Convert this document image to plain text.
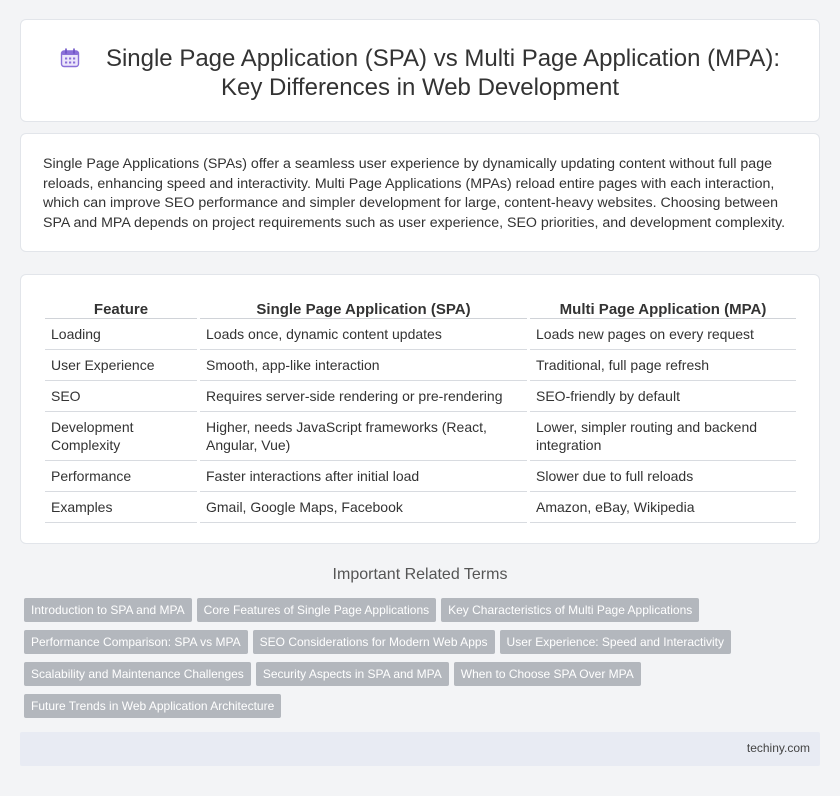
Single Page Application (SPA) vs Multi Page Application (MPA):
Key Differences in Web Development

Single Page Applications (SPAs) offer a seamless user experience by dynamically updating content without full page reloads, enhancing speed and interactivity. Multi Page Applications (MPAs) reload entire pages with each interaction, which can improve SEO performance and simpler development for large, content-heavy websites. Choosing between SPA and MPA depends on project requirements such as user experience, SEO priorities, and development complexity.

Feature	Single Page Application (SPA)	Multi Page Application (MPA)
Loading	Loads once, dynamic content updates	Loads new pages on every request
User Experience	Smooth, app-like interaction	Traditional, full page refresh
SEO	Requires server-side rendering or pre-rendering	SEO-friendly by default
Development Complexity	Higher, needs JavaScript frameworks (React, Angular, Vue)	Lower, simpler routing and backend integration
Performance	Faster interactions after initial load	Slower due to full reloads
Examples	Gmail, Google Maps, Facebook	Amazon, eBay, Wikipedia
Important Related Terms
Introduction to SPA and MPA Core Features of Single Page Applications Key Characteristics of Multi Page Applications
Performance Comparison: SPA vs MPA SEO Considerations for Modern Web Apps User Experience: Speed and Interactivity
Scalability and Maintenance Challenges Security Aspects in SPA and MPA When to Choose SPA Over MPA
Future Trends in Web Application Architecture
techiny.com
